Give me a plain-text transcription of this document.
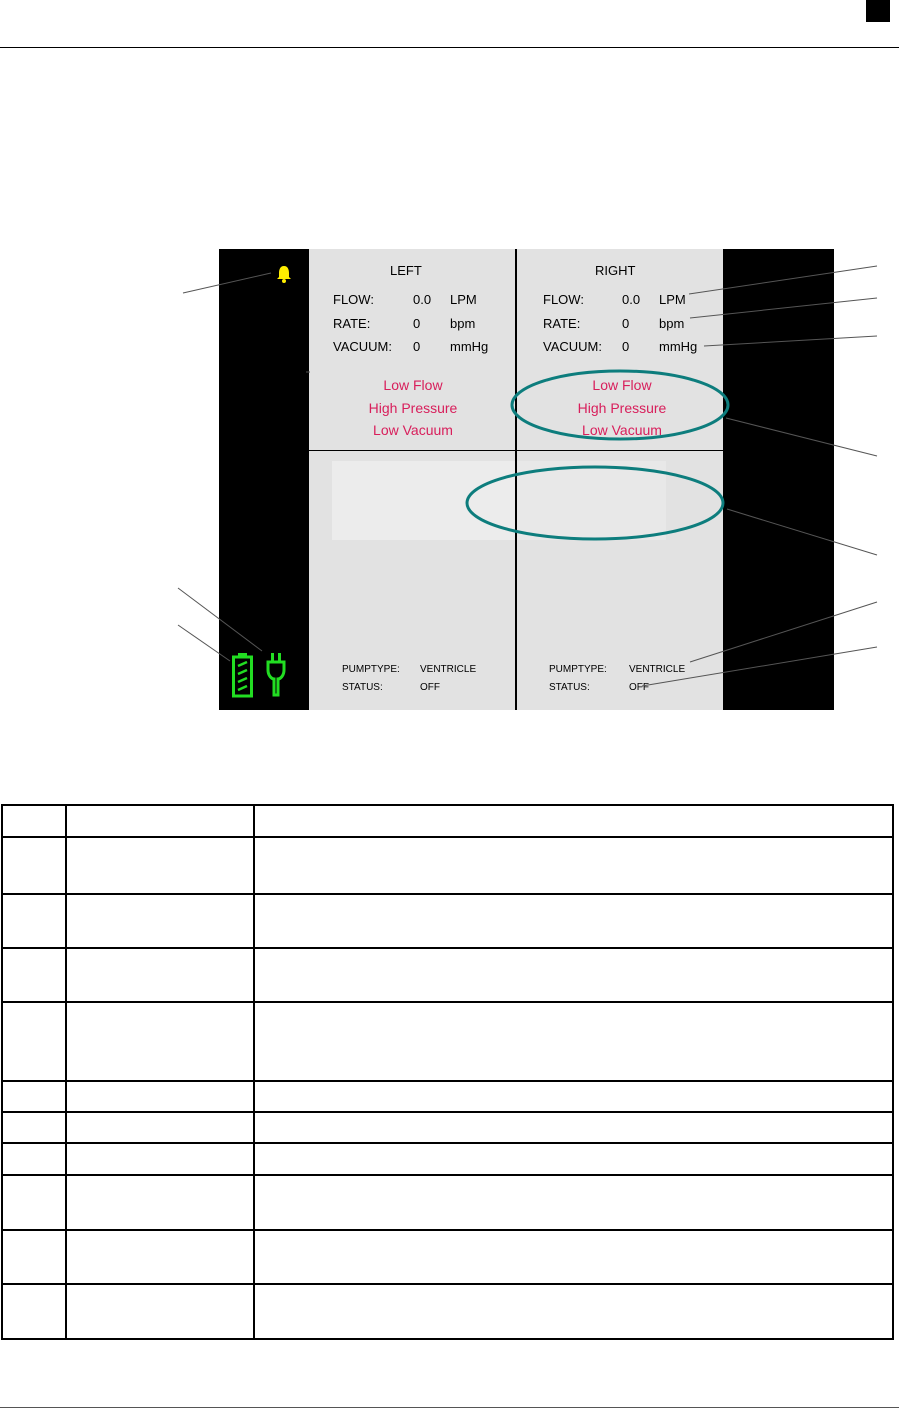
LEFT
FLOW:	0.0 LPM
RATE:	0 bpm
VACUUM: 0 mmHg
Low Flow
High Pressure
Low Vacuum
PUMPTYPE: VENTRICLE
STATUS:	OFF
RIGHT
FLOW:	0.0 LPM
RATE:	0 bpm
VACUUM: 0 mmHg
Low Flow
High Pressure
Low Vacuum
PUMPTYPE: VENTRICLE
STATUS:	OFF
